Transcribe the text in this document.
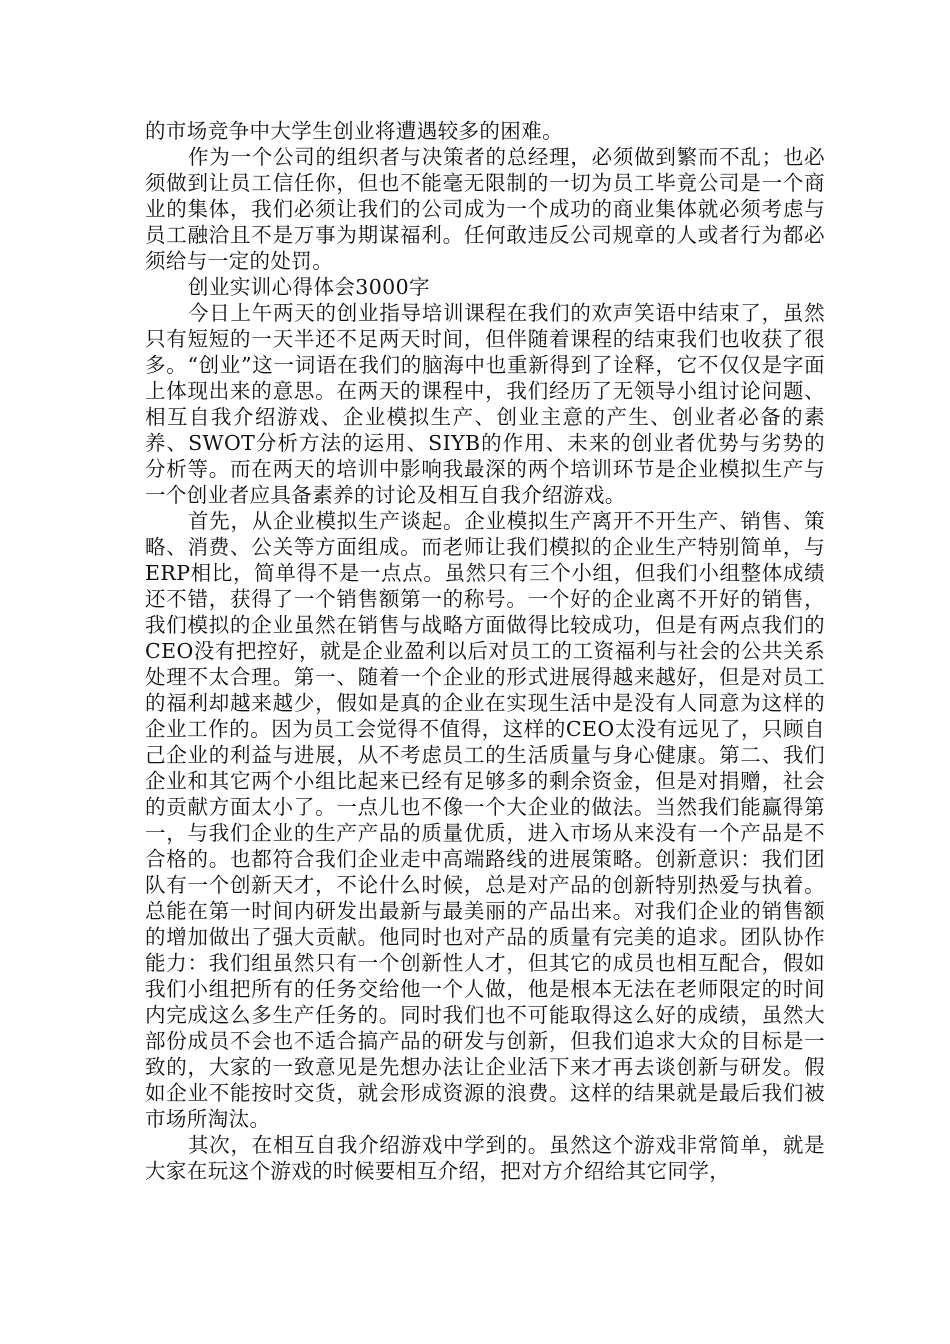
的市场竞争中大学生创业将遭遇较多的困难。

作为一个公司的组织者与决策者的总经理，必须做到繁而不乱；也必须做到让员工信任你，但也不能毫无限制的一切为员工毕竟公司是一个商业的集体，我们必须让我们的公司成为一个成功的商业集体就必须考虑与员工融洽且不是万事为期谋福利。任何敢违反公司规章的人或者行为都必须给与一定的处罚。

创业实训心得体会3000字

今日上午两天的创业指导培训课程在我们的欢声笑语中结束了，虽然只有短短的一天半还不足两天时间，但伴随着课程的结束我们也收获了很多。“创业”这一词语在我们的脑海中也重新得到了诠释，它不仅仅是字面上体现出来的意思。在两天的课程中，我们经历了无领导小组讨论问题、相互自我介绍游戏、企业模拟生产、创业主意的产生、创业者必备的素养、SWOT分析方法的运用、SIYB的作用、未来的创业者优势与劣势的分析等。而在两天的培训中影响我最深的两个培训环节是企业模拟生产与一个创业者应具备素养的讨论及相互自我介绍游戏。

首先，从企业模拟生产谈起。企业模拟生产离开不开生产、销售、策略、消费、公关等方面组成。而老师让我们模拟的企业生产特别简单，与ERP相比，简单得不是一点点。虽然只有三个小组，但我们小组整体成绩还不错，获得了一个销售额第一的称号。一个好的企业离不开好的销售，我们模拟的企业虽然在销售与战略方面做得比较成功，但是有两点我们的CEO没有把控好，就是企业盈利以后对员工的工资福利与社会的公共关系处理不太合理。第一、随着一个企业的形式进展得越来越好，但是对员工的福利却越来越少，假如是真的企业在实现生活中是没有人同意为这样的企业工作的。因为员工会觉得不值得，这样的CEO太没有远见了，只顾自己企业的利益与进展，从不考虑员工的生活质量与身心健康。第二、我们企业和其它两个小组比起来已经有足够多的剩余资金，但是对捐赠，社会的贡献方面太小了。一点儿也不像一个大企业的做法。当然我们能赢得第一，与我们企业的生产产品的质量优质，进入市场从来没有一个产品是不合格的。也都符合我们企业走中高端路线的进展策略。创新意识：我们团队有一个创新天才，不论什么时候，总是对产品的创新特别热爱与执着。总能在第一时间内研发出最新与最美丽的产品出来。对我们企业的销售额的增加做出了强大贡献。他同时也对产品的质量有完美的追求。团队协作能力：我们组虽然只有一个创新性人才，但其它的成员也相互配合，假如我们小组把所有的任务交给他一个人做，他是根本无法在老师限定的时间内完成这么多生产任务的。同时我们也不可能取得这么好的成绩，虽然大部份成员不会也不适合搞产品的研发与创新，但我们追求大众的目标是一致的，大家的一致意见是先想办法让企业活下来才再去谈创新与研发。假如企业不能按时交货，就会形成资源的浪费。这样的结果就是最后我们被市场所淘汰。

其次，在相互自我介绍游戏中学到的。虽然这个游戏非常简单，就是大家在玩这个游戏的时候要相互介绍，把对方介绍给其它同学，
